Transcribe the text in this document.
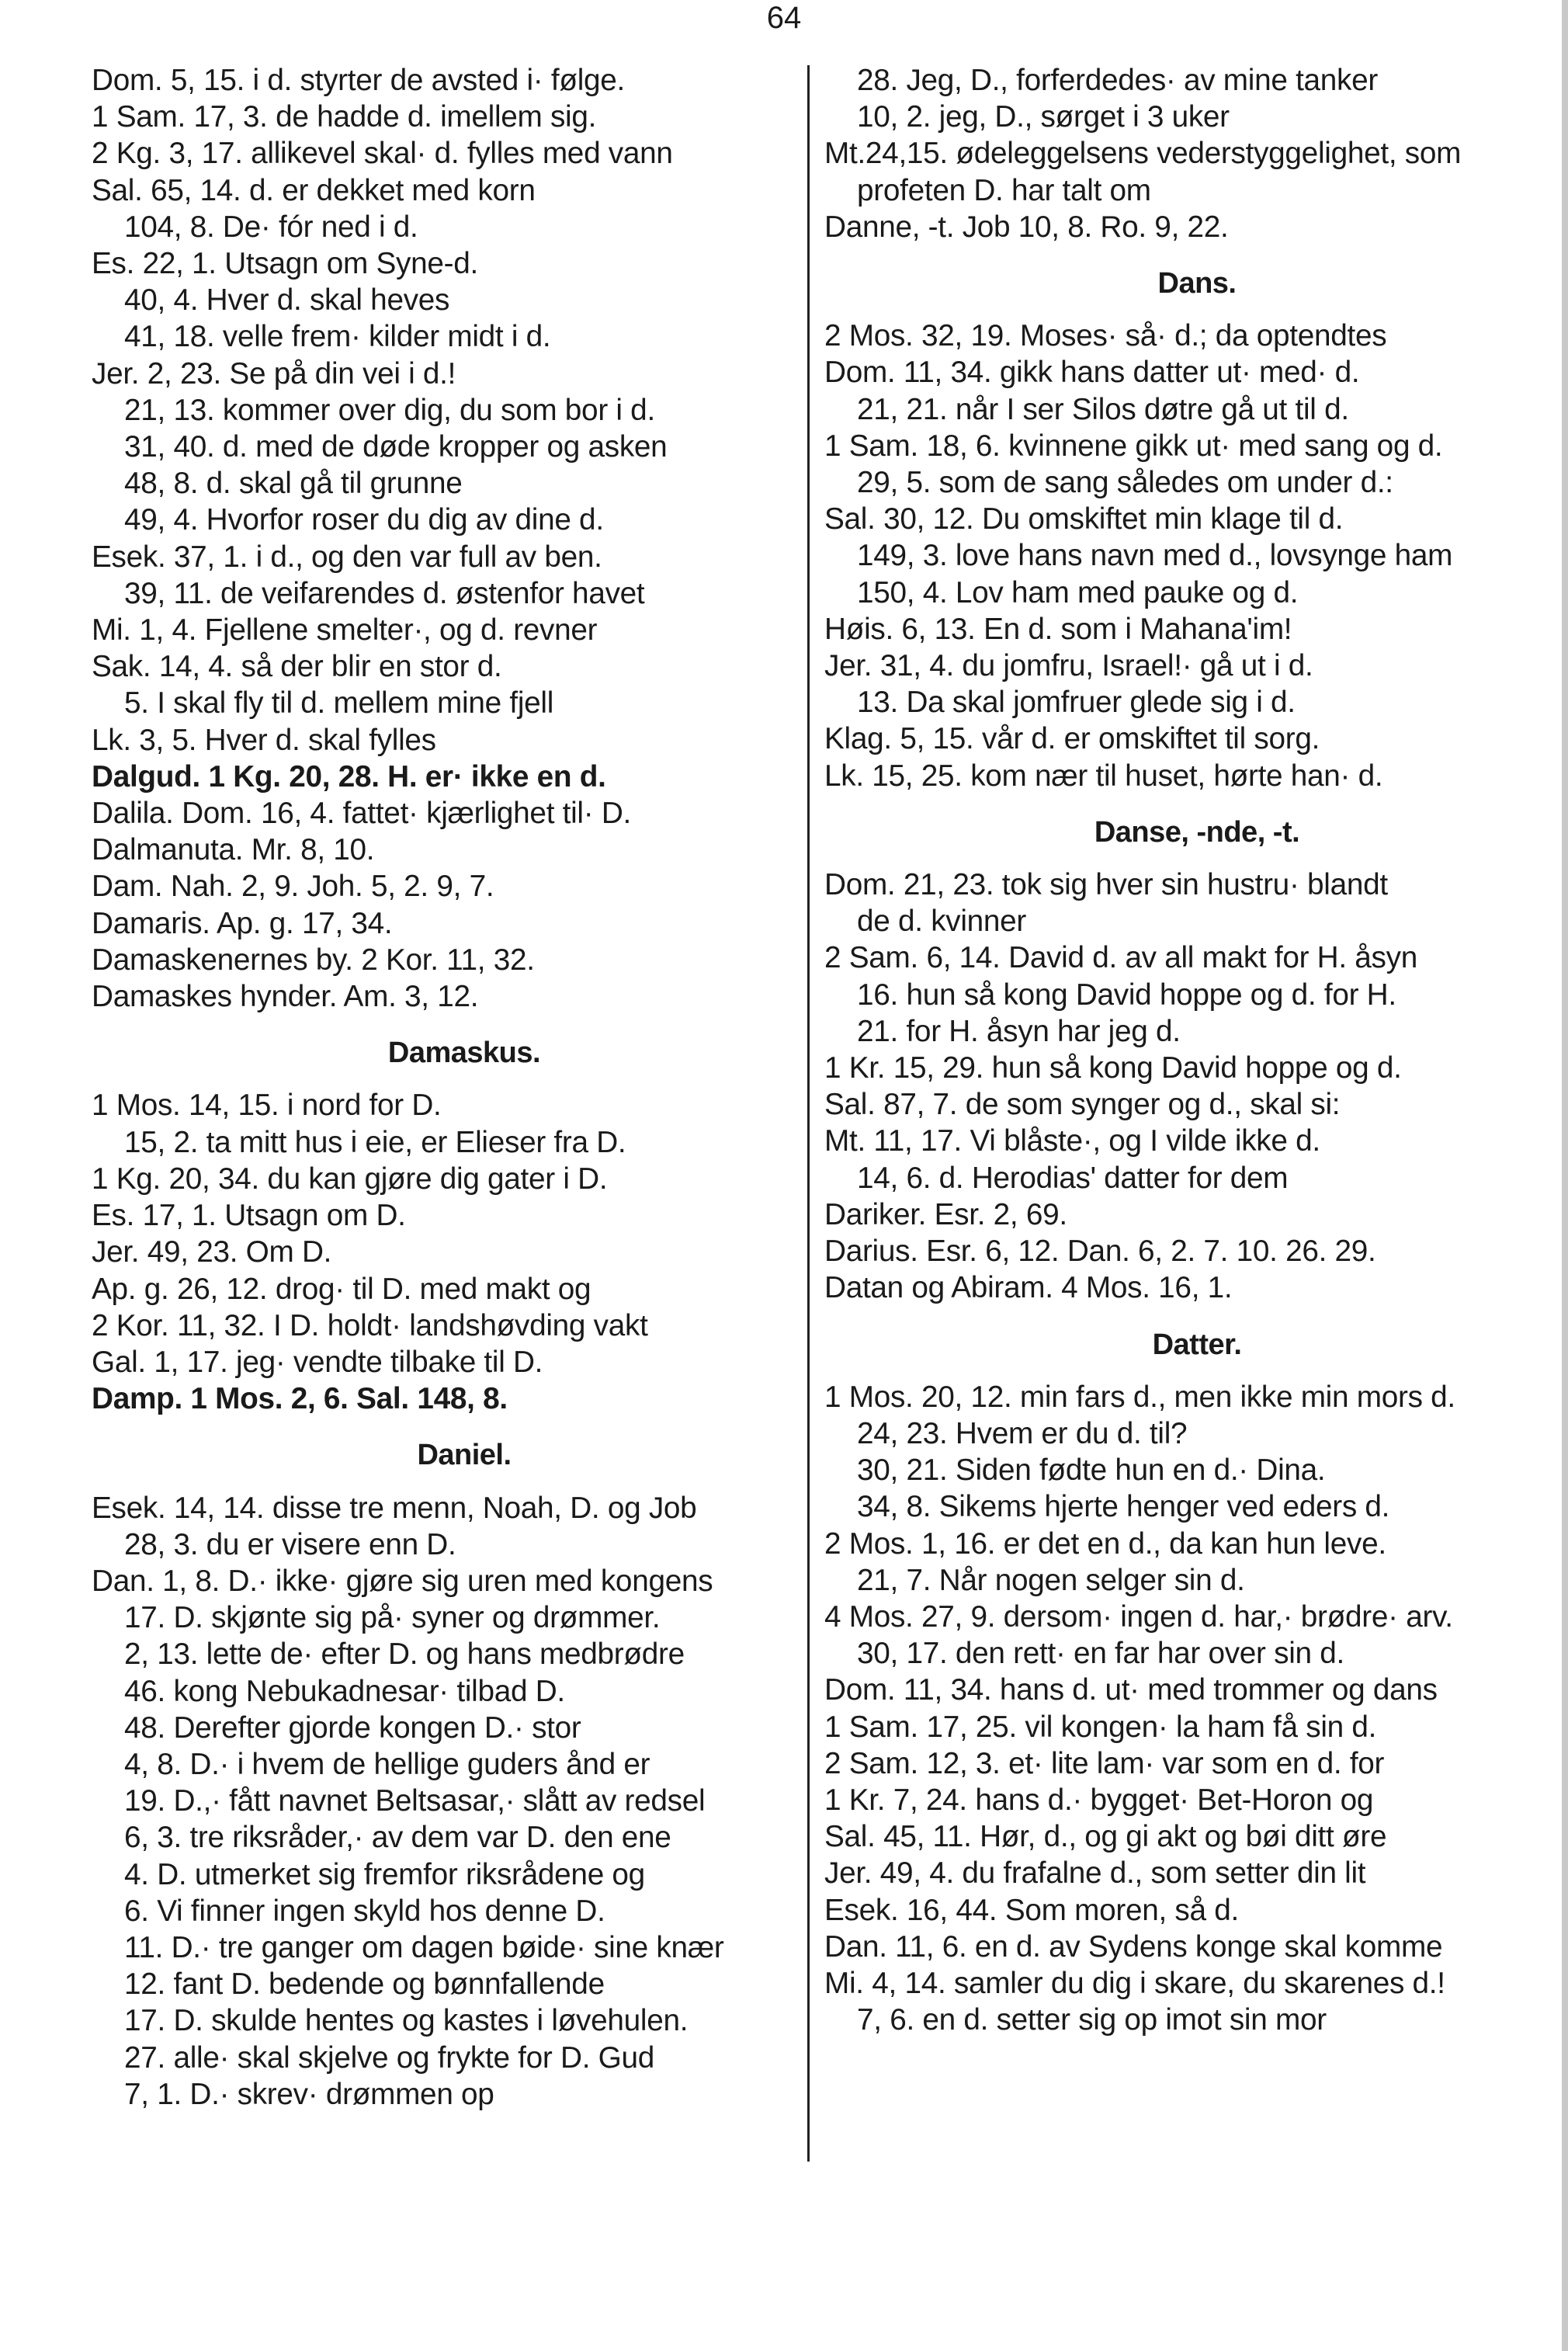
64
Dom. 5, 15. i d. styrter de avsted i· følge.
1 Sam. 17, 3. de hadde d. imellem sig.
2 Kg. 3, 17. allikevel skal· d. fylles med vann
Sal. 65, 14. d. er dekket med korn
104, 8. De· fór ned i d.
Es. 22, 1. Utsagn om Syne-d.
40, 4. Hver d. skal heves
41, 18. velle frem· kilder midt i d.
Jer. 2, 23. Se på din vei i d.!
21, 13. kommer over dig, du som bor i d.
31, 40. d. med de døde kropper og asken
48, 8. d. skal gå til grunne
49, 4. Hvorfor roser du dig av dine d.
Esek. 37, 1. i d., og den var full av ben.
39, 11. de veifarendes d. østenfor havet
Mi. 1, 4. Fjellene smelter·, og d. revner
Sak. 14, 4. så der blir en stor d.
5. I skal fly til d. mellem mine fjell
Lk. 3, 5. Hver d. skal fylles
Dalgud. 1 Kg. 20, 28. H. er· ikke en d.
Dalila. Dom. 16, 4. fattet· kjærlighet til· D.
Dalmanuta. Mr. 8, 10.
Dam. Nah. 2, 9. Joh. 5, 2. 9, 7.
Damaris. Ap. g. 17, 34.
Damaskenernes by. 2 Kor. 11, 32.
Damaskes hynder. Am. 3, 12.
Damaskus.
1 Mos. 14, 15. i nord for D.
15, 2. ta mitt hus i eie, er Elieser fra D.
1 Kg. 20, 34. du kan gjøre dig gater i D.
Es. 17, 1. Utsagn om D.
Jer. 49, 23. Om D.
Ap. g. 26, 12. drog· til D. med makt og
2 Kor. 11, 32. I D. holdt· landshøvding vakt
Gal. 1, 17. jeg· vendte tilbake til D.
Damp. 1 Mos. 2, 6. Sal. 148, 8.
Daniel.
Esek. 14, 14. disse tre menn, Noah, D. og Job
28, 3. du er visere enn D.
Dan. 1, 8. D.· ikke· gjøre sig uren med kongens
17. D. skjønte sig på· syner og drømmer.
2, 13. lette de· efter D. og hans medbrødre
46. kong Nebukadnesar· tilbad D.
48. Derefter gjorde kongen D.· stor
4, 8. D.· i hvem de hellige guders ånd er
19. D.,· fått navnet Beltsasar,· slått av redsel
6, 3. tre riksråder,· av dem var D. den ene
4. D. utmerket sig fremfor riksrådene og
6. Vi finner ingen skyld hos denne D.
11. D.· tre ganger om dagen bøide· sine knær
12. fant D. bedende og bønnfallende
17. D. skulde hentes og kastes i løvehulen.
27. alle· skal skjelve og frykte for D. Gud
7, 1. D.· skrev· drømmen op
28. Jeg, D., forferdedes· av mine tanker
10, 2. jeg, D., sørget i 3 uker
Mt.24,15. ødeleggelsens vederstyggelighet, som
profeten D. har talt om
Danne, -t. Job 10, 8. Ro. 9, 22.
Dans.
2 Mos. 32, 19. Moses· så· d.; da optendtes
Dom. 11, 34. gikk hans datter ut· med· d.
21, 21. når I ser Silos døtre gå ut til d.
1 Sam. 18, 6. kvinnene gikk ut· med sang og d.
29, 5. som de sang således om under d.:
Sal. 30, 12. Du omskiftet min klage til d.
149, 3. love hans navn med d., lovsynge ham
150, 4. Lov ham med pauke og d.
Høis. 6, 13. En d. som i Mahana'im!
Jer. 31, 4. du jomfru, Israel!· gå ut i d.
13. Da skal jomfruer glede sig i d.
Klag. 5, 15. vår d. er omskiftet til sorg.
Lk. 15, 25. kom nær til huset, hørte han· d.
Danse, -nde, -t.
Dom. 21, 23. tok sig hver sin hustru· blandt
de d. kvinner
2 Sam. 6, 14. David d. av all makt for H. åsyn
16. hun så kong David hoppe og d. for H.
21. for H. åsyn har jeg d.
1 Kr. 15, 29. hun så kong David hoppe og d.
Sal. 87, 7. de som synger og d., skal si:
Mt. 11, 17. Vi blåste·, og I vilde ikke d.
14, 6. d. Herodias' datter for dem
Dariker. Esr. 2, 69.
Darius. Esr. 6, 12. Dan. 6, 2. 7. 10. 26. 29.
Datan og Abiram. 4 Mos. 16, 1.
Datter.
1 Mos. 20, 12. min fars d., men ikke min mors d.
24, 23. Hvem er du d. til?
30, 21. Siden fødte hun en d.· Dina.
34, 8. Sikems hjerte henger ved eders d.
2 Mos. 1, 16. er det en d., da kan hun leve.
21, 7. Når nogen selger sin d.
4 Mos. 27, 9. dersom· ingen d. har,· brødre· arv.
30, 17. den rett· en far har over sin d.
Dom. 11, 34. hans d. ut· med trommer og dans
1 Sam. 17, 25. vil kongen· la ham få sin d.
2 Sam. 12, 3. et· lite lam· var som en d. for
1 Kr. 7, 24. hans d.· bygget· Bet-Horon og
Sal. 45, 11. Hør, d., og gi akt og bøi ditt øre
Jer. 49, 4. du frafalne d., som setter din lit
Esek. 16, 44. Som moren, så d.
Dan. 11, 6. en d. av Sydens konge skal komme
Mi. 4, 14. samler du dig i skare, du skarenes d.!
7, 6. en d. setter sig op imot sin mor
